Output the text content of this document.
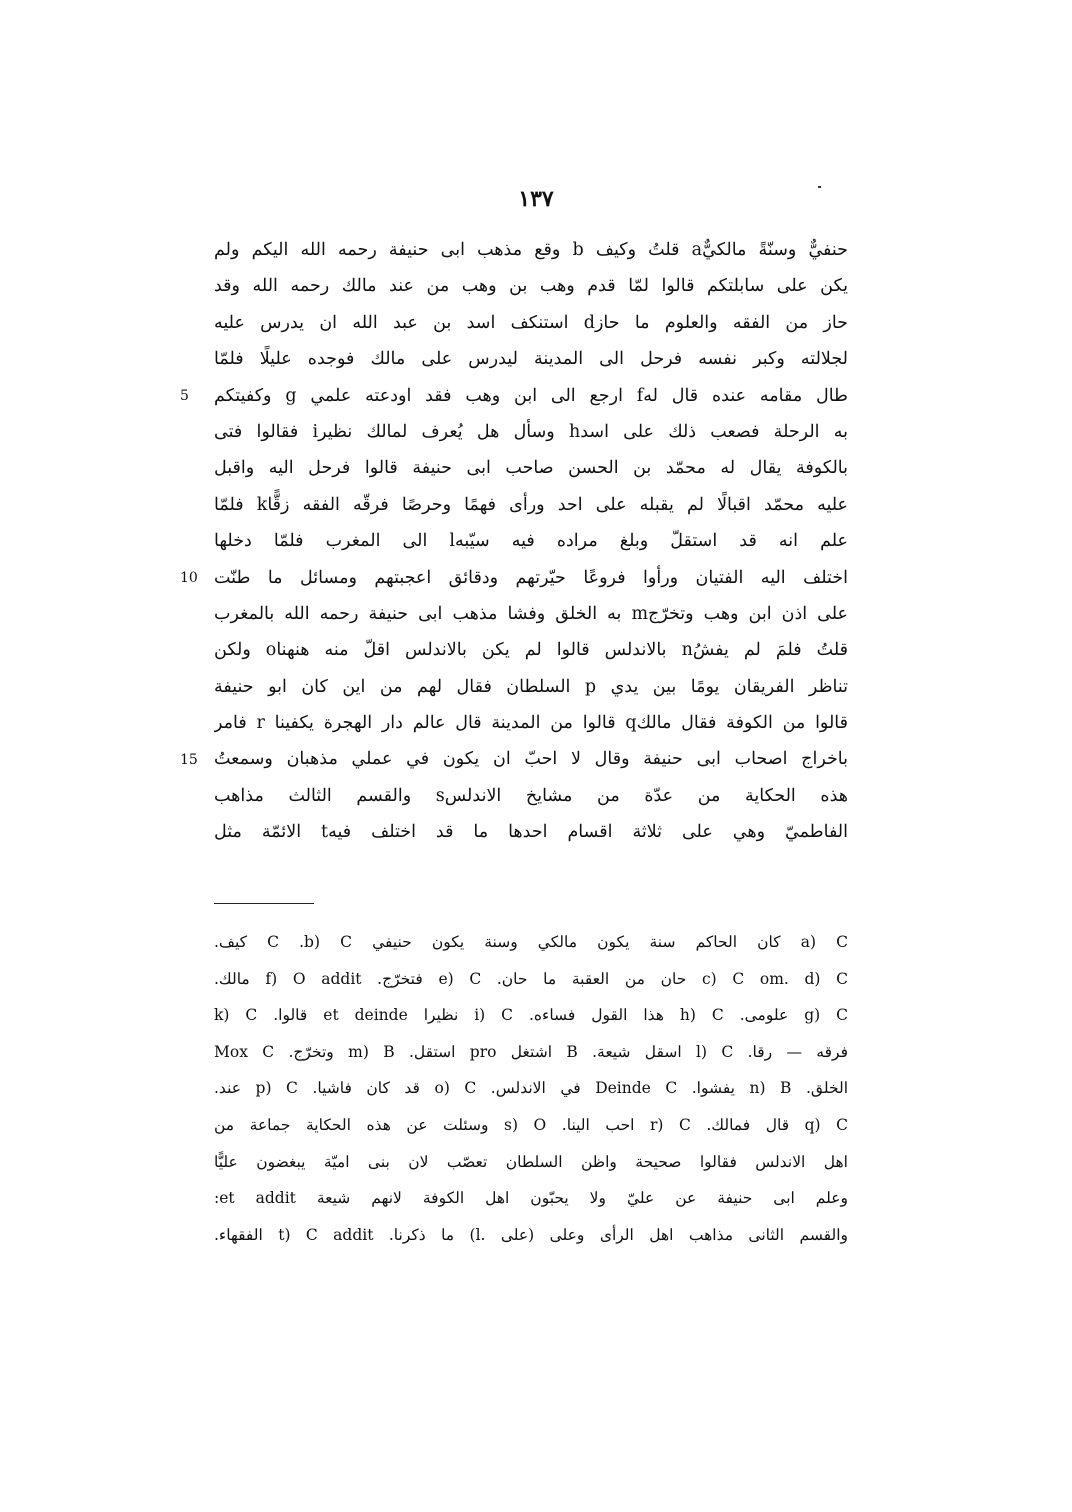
١٣٧
5
10
15
حنفيٌّ وسنّةً مالكيٌّa قلتُ وكيف b وقع مذهب ابى حنيفة رحمه الله اليكم ولم
يكن على سابلتكم قالوا لمّا قدم وهب بن وهب من عند مالك رحمه الله وقد
حاز من الفقه والعلوم ما حازd استنكف اسد بن عبد الله ان يدرس عليه
لجلالته وكبر نفسه فرحل الى المدينة ليدرس على مالك فوجده عليلًا فلمّا
طال مقامه عنده قال لهf ارجع الى ابن وهب فقد اودعته علمي g وكفيتكم
به الرحلة فصعب ذلك على اسدh وسأل هل يُعرف لمالك نظيرi فقالوا فتى
بالكوفة يقال له محمّد بن الحسن صاحب ابى حنيفة قالوا فرحل اليه واقبل
عليه محمّد اقبالًا لم يقبله على احد ورأى فهمًا وحرصًا فرقّه الفقه زقًّاk فلمّا
علم انه قد استقلّ وبلغ مراده فيه سيّبهl الى المغرب فلمّا دخلها
اختلف اليه الفتيان ورأوا فروعًا حيّرتهم ودقائق اعجبتهم ومسائل ما طنّت
على اذن ابن وهب وتخرّجm به الخلق وفشا مذهب ابى حنيفة رحمه الله بالمغرب
قلتُ فلمَ لم يفشُn بالاندلس قالوا لم يكن بالاندلس اقلّ منه هنهناo ولكن
تناظر الفريقان يومًا بين يدي p السلطان فقال لهم من اين كان ابو حنيفة
قالوا من الكوفة فقال مالكq قالوا من المدينة قال عالم دار الهجرة يكفينا r فامر
باخراج اصحاب ابى حنيفة وقال لا احبّ ان يكون في عملي مذهبان وسمعتُ
هذه الحكاية من عدّة من مشايخ الاندلسs والقسم الثالث مذاهب
الفاطميّ وهي على ثلاثة اقسام احدها ما قد اختلف فيهt الائمّة مثل
a) C كان الحاكم سنة يكون مالكي وسنة يكون حنيفي C .b) C كيف.
c) C om. d) C حان من العقبة ما حان. e) C فتخرّج. f) O addit مالك.
g) C علومى. h) C هذا القول فساءه. i) C نظيرا et deinde قالوا. k) C
فرقه — رقا. l) C اسقل شيعة. B اشتغل pro استقل. m) B وتخرّج. Mox C
الخلق. n) B يفشوا. Deinde C في الاندلس. o) C قد كان فاشيا. p) C عند.
q) C قال فمالك. r) C احب الينا. s) O وسئلت عن هذه الحكاية جماعة من
اهل الاندلس فقالوا صحيحة واظن السلطان تعصّب لان بنى اميّة يبغضون عليًّا
وعلم ابى حنيفة عن عليّ ولا يحبّون اهل الكوفة لانهم شيعة et addit:
والقسم الثانى مذاهب اهل الرأى وعلى (على .l) ما ذكرنا. t) C addit الفقهاء.
